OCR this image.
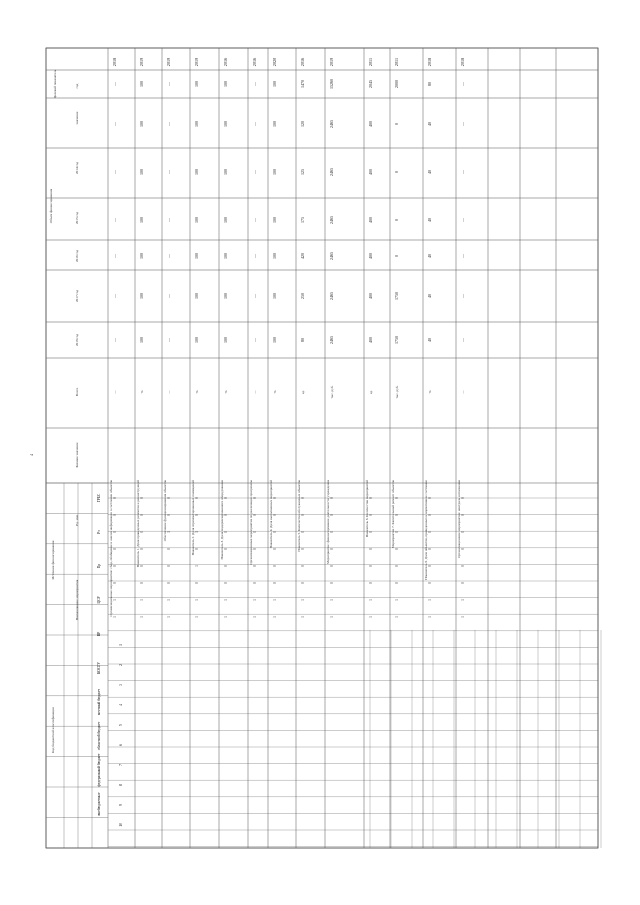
Целевой показатель	год
значение
Объем финансирования
2014 год
2015 год
2016 год
2017 год
2018 год
Всего
Базовое значение
Ед. изм.
Наименование мероприятия
Источник финансирования
Код бюджетной классификации
ГРБС
Рз
Пр
ЦСР
ВР
КОСГУ
местный бюджет
областной бюджет
федеральный бюджет
внебюджетные
2018
—
—
—
—
—
—
—
—
Организационные мероприятия: сбор, обобщение и анализ информации о состоянии объектов 0
0
0
0
0
0
1
1
2019
100
100
100
100
100
100
100
%
Показатель 1. Доля проведенных ремонтов и реконструкций 0
0
0
0
0
0
1
1
2019
—
—
—
—
—
—
—
—
Обеспечение функционирования объектов 0
0
1
0
0
0
1
1
2019
100
100
100
100
100
100
100
%
Показатель 2. Доля отремонтированных помещений 0
0
1
0
1
0
1
1
2016
100
100
100
100
100
100
100
%
Показатель 3. Доля модернизированного оборудования 0
0
0
0
0
0
1
1
2016
—
—
—
—
—
—
—
—
Организационные мероприятия по реализации программы 0
0
0
0
0
0
1
1
2020
100
100
100
100
100
100
100
%
Показатель 4. Доля выполненных мероприятий 0
0
0
0
0
0
1
1
2016
1470
120
125
175
420
250
80
ед.
Показатель 5. Количество обслуженных объектов 0
0
0
0
0
0
1
1
2019
15260
2465
2465
2465
2465
2465
2465
тыс. руб.
Мероприятие: финансирование деятельности учреждения 0
0
0
0
0
0
1
1
2011
2045
400
400
400
400
400
400
ед.
Показатель 6. Количество мероприятий 0
0
0
0
0
0
1
1
2011
2000
0
0
0
0
1750
1750
тыс. руб.
Мероприятие 7. Капитальный ремонт объектов 0
0
0
0
0
0
1
1
2018
80
40
40
40
40
40
40
%
Показатель 8. Доля объектов, приведенных в нормативное состояние 0
0
0
0
0
0
1
1
2018
—
—
—
—
—
—
—
—
Организационное мероприятие: контроль исполнения 0
0
0
0
0
0
1
1
1
2
3
4
5
6
7
8
9
10
4
